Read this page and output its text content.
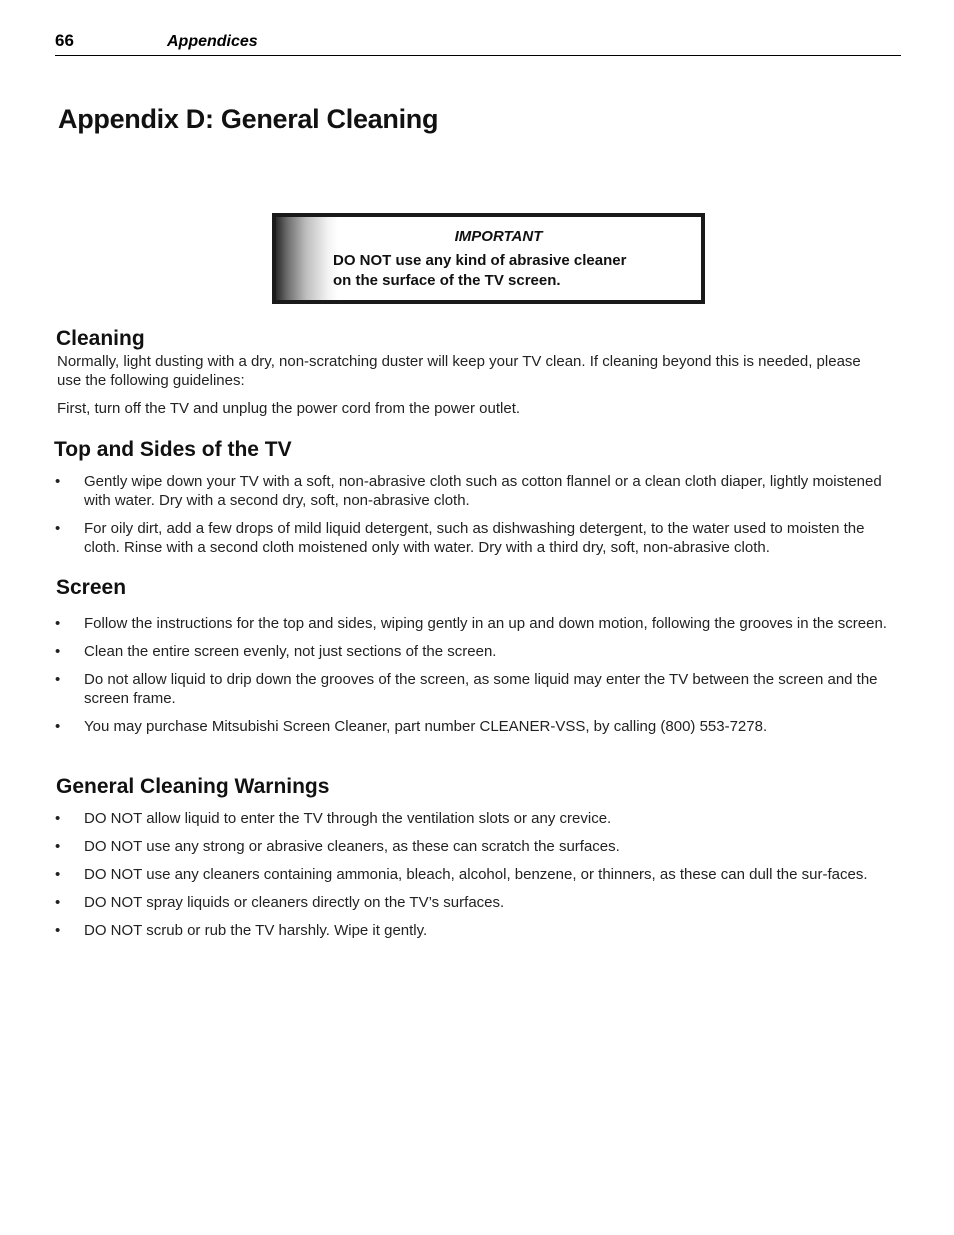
66	Appendices
Appendix D: General Cleaning
IMPORTANT
DO NOT use any kind of abrasive cleaner
on the surface of the TV screen.
Cleaning

Normally, light dusting with a dry, non-scratching duster will keep your TV clean. If cleaning beyond this is needed, please use the following guidelines:

First, turn off the TV and unplug the power cord from the power outlet.

Top and Sides of the TV
• Gently wipe down your TV with a soft, non-abrasive cloth such as cotton flannel or a clean cloth diaper, lightly moistened with water. Dry with a second dry, soft, non-abrasive cloth.
• For oily dirt, add a few drops of mild liquid detergent, such as dishwashing detergent, to the water used to moisten the cloth. Rinse with a second cloth moistened only with water. Dry with a third dry, soft, non-abrasive cloth.
Screen
• Follow the instructions for the top and sides, wiping gently in an up and down motion, following the grooves in the screen.
• Clean the entire screen evenly, not just sections of the screen.
• Do not allow liquid to drip down the grooves of the screen, as some liquid may enter the TV between the screen and the screen frame.
• You may purchase Mitsubishi Screen Cleaner, part number CLEANER-VSS, by calling (800) 553-7278.
General Cleaning Warnings
• DO NOT allow liquid to enter the TV through the ventilation slots or any crevice.
• DO NOT use any strong or abrasive cleaners, as these can scratch the surfaces.
• DO NOT use any cleaners containing ammonia, bleach, alcohol, benzene, or thinners, as these can dull the sur-faces.
• DO NOT spray liquids or cleaners directly on the TV’s surfaces.
• DO NOT scrub or rub the TV harshly. Wipe it gently.
